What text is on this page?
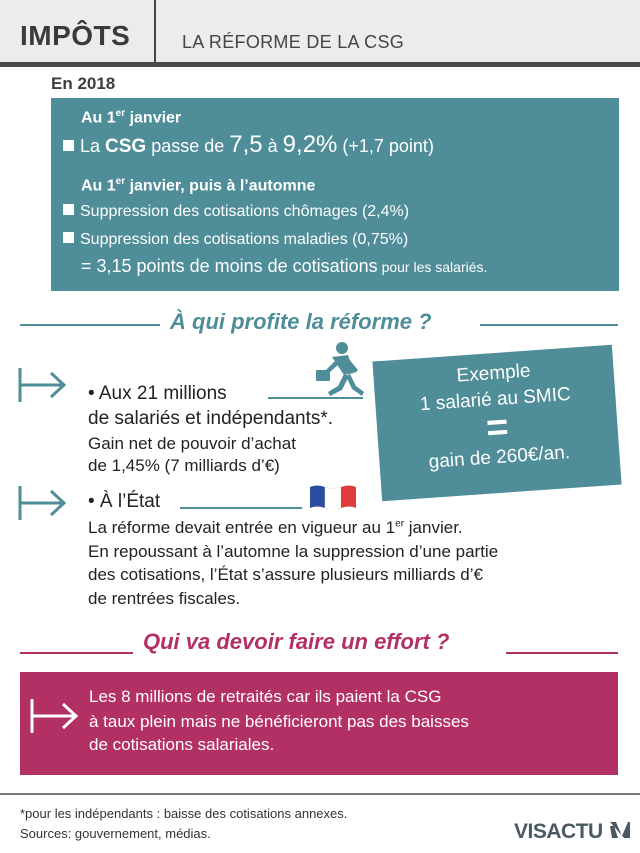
IMPÔTS	LA RÉFORME DE LA CSG
En 2018
Au 1er janvier
La CSG passe de 7,5 à 9,2% (+1,7 point)
Au 1er janvier, puis à l’automne
Suppression des cotisations chômages (2,4%)
Suppression des cotisations maladies (0,75%)
= 3,15 points de moins de cotisations pour les salariés.
À qui profite la réforme ?
• Aux 21 millions
de salariés et indépendants*.
Gain net de pouvoir d’achat
de 1,45% (7 milliards d’€)
Exemple
1 salarié au SMIC
=
gain de 260€/an.
• À l’État
La réforme devait entrée en vigueur au 1er janvier.
En repoussant à l’automne la suppression d’une partie
des cotisations, l’État s’assure plusieurs milliards d’€
de rentrées fiscales.
Qui va devoir faire un effort ?
Les 8 millions de retraités car ils paient la CSG
à taux plein mais ne bénéficieront pas des baisses
de cotisations salariales.
*pour les indépendants : baisse des cotisations annexes.
Sources: gouvernement, médias.	VISACTU
